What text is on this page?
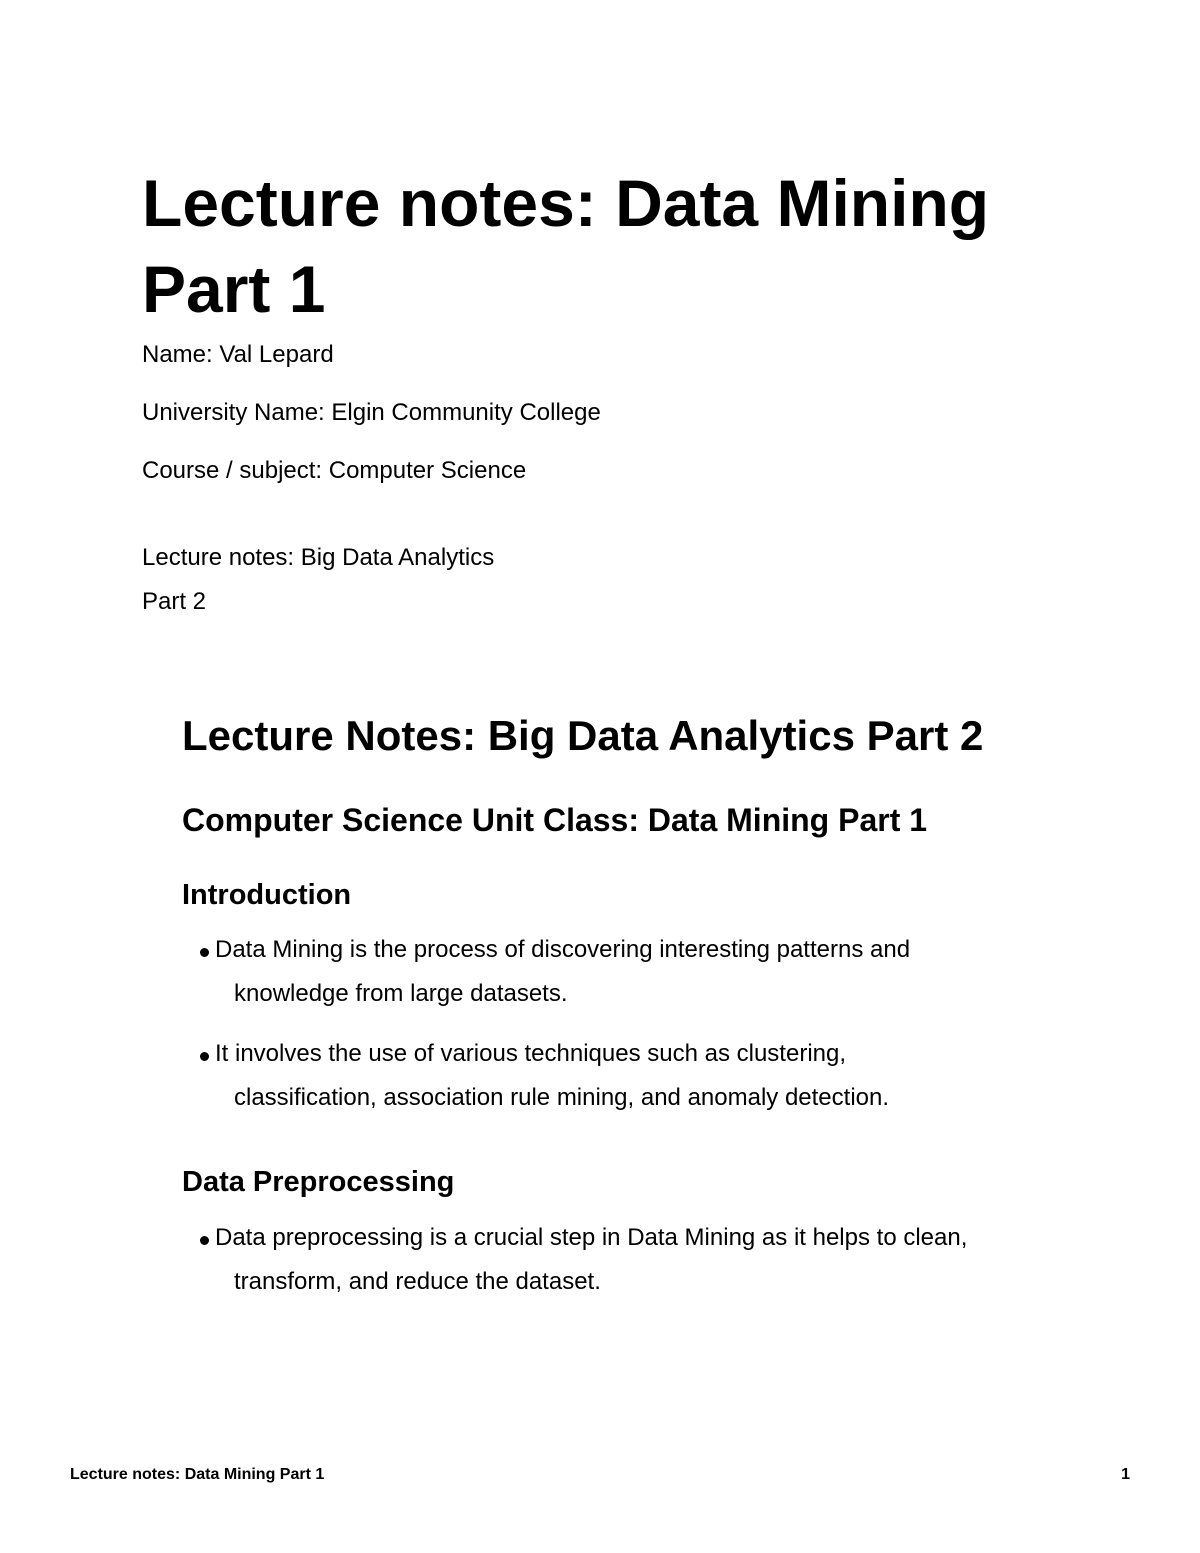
Lecture notes: Data Mining
Part 1

Name: Val Lepard

University Name: Elgin Community College

Course / subject: Computer Science

Lecture notes: Big Data Analytics

Part 2

Lecture Notes: Big Data Analytics Part 2
Computer Science Unit Class: Data Mining Part 1
Introduction
Data Mining is the process of discovering interesting patterns and
knowledge from large datasets.
It involves the use of various techniques such as clustering,
classification, association rule mining, and anomaly detection.
Data Preprocessing
Data preprocessing is a crucial step in Data Mining as it helps to clean,
transform, and reduce the dataset.
Lecture notes: Data Mining Part 1	1
